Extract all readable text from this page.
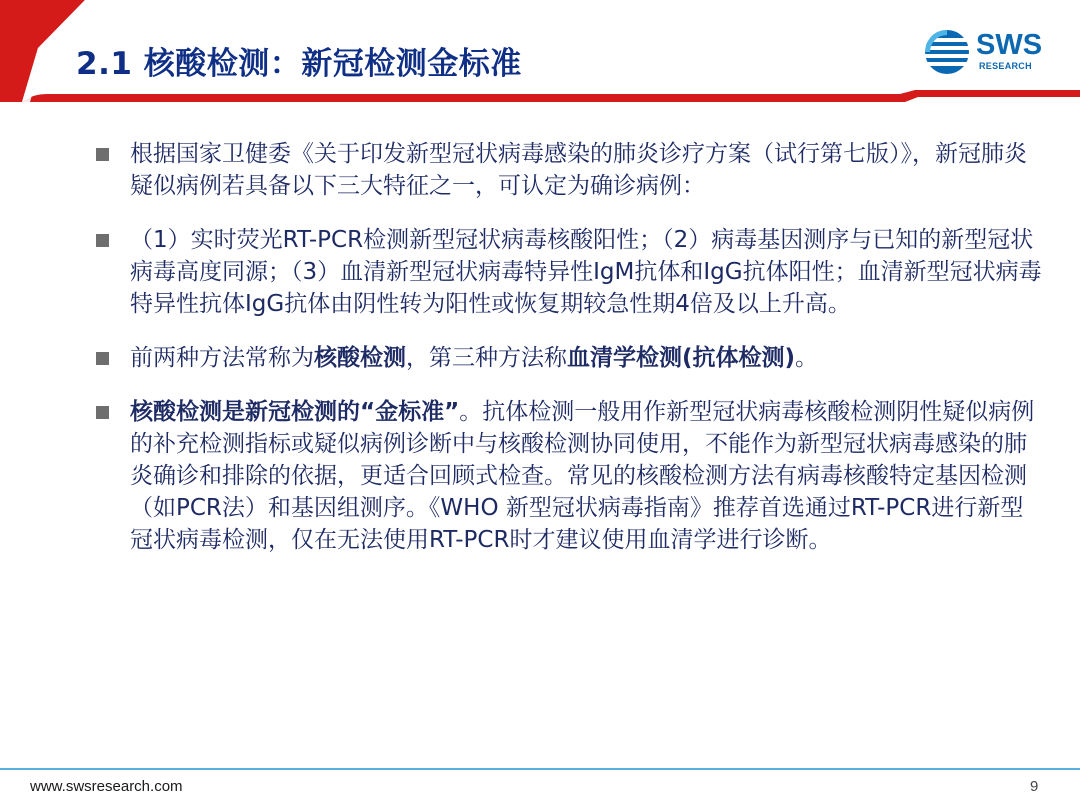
2.1 核酸检测：新冠检测金标准
SWS
RESEARCH

根据国家卫健委《关于印发新型冠状病毒感染的肺炎诊疗方案（试行第七版）》，新冠肺炎疑似病例若具备以下三大特征之一，可认定为确诊病例：

（1）实时荧光RT-PCR检测新型冠状病毒核酸阳性；（2）病毒基因测序与已知的新型冠状病毒高度同源；（3）血清新型冠状病毒特异性IgM抗体和IgG抗体阳性；血清新型冠状病毒特异性抗体IgG抗体由阴性转为阳性或恢复期较急性期4倍及以上升高。

前两种方法常称为核酸检测，第三种方法称血清学检测(抗体检测)。

核酸检测是新冠检测的“金标准”。抗体检测一般用作新型冠状病毒核酸检测阴性疑似病例的补充检测指标或疑似病例诊断中与核酸检测协同使用，不能作为新型冠状病毒感染的肺炎确诊和排除的依据，更适合回顾式检查。常见的核酸检测方法有病毒核酸特定基因检测（如PCR法）和基因组测序。《WHO 新型冠状病毒指南》推荐首选通过RT-PCR进行新型冠状病毒检测，仅在无法使用RT-PCR时才建议使用血清学进行诊断。

www.swsresearch.com	9
